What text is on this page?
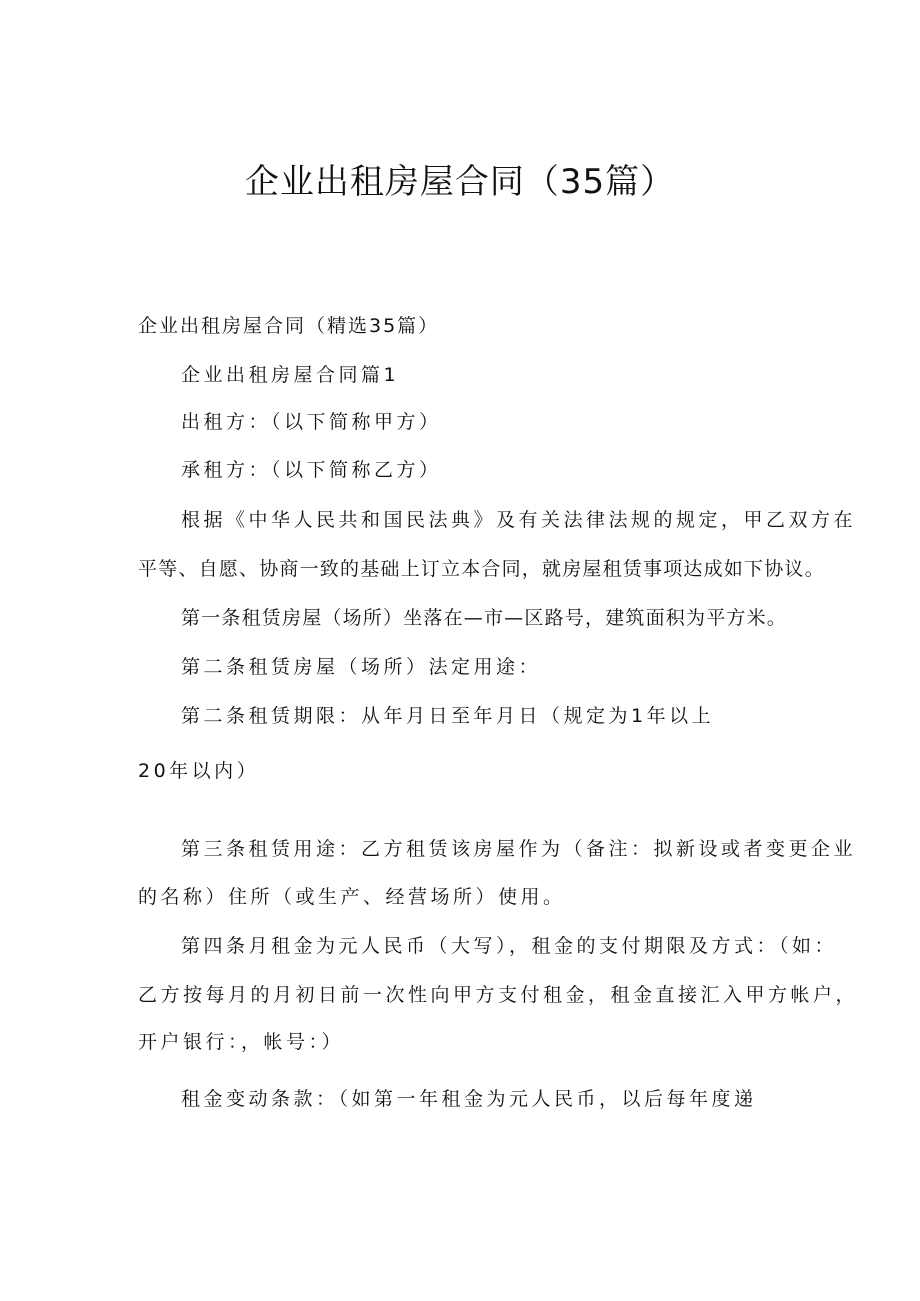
企业出租房屋合同（35篇）

企业出租房屋合同（精选35篇）

企业出租房屋合同篇1

出租方：（以下简称甲方）

承租方：（以下简称乙方）

根据《中华人民共和国民法典》及有关法律法规的规定，甲乙双方在

平等、自愿、协商一致的基础上订立本合同，就房屋租赁事项达成如下协议。

第一条租赁房屋（场所）坐落在—市—区路号，建筑面积为平方米。

第二条租赁房屋（场所）法定用途：

第二条租赁期限：从年月日至年月日（规定为1年以上

20年以内）

第三条租赁用途：乙方租赁该房屋作为（备注：拟新设或者变更企业

的名称）住所（或生产、经营场所）使用。

第四条月租金为元人民币（大写），租金的支付期限及方式：（如：

乙方按每月的月初日前一次性向甲方支付租金，租金直接汇入甲方帐户，

开户银行：，帐号：）

租金变动条款：（如第一年租金为元人民币，以后每年度递
